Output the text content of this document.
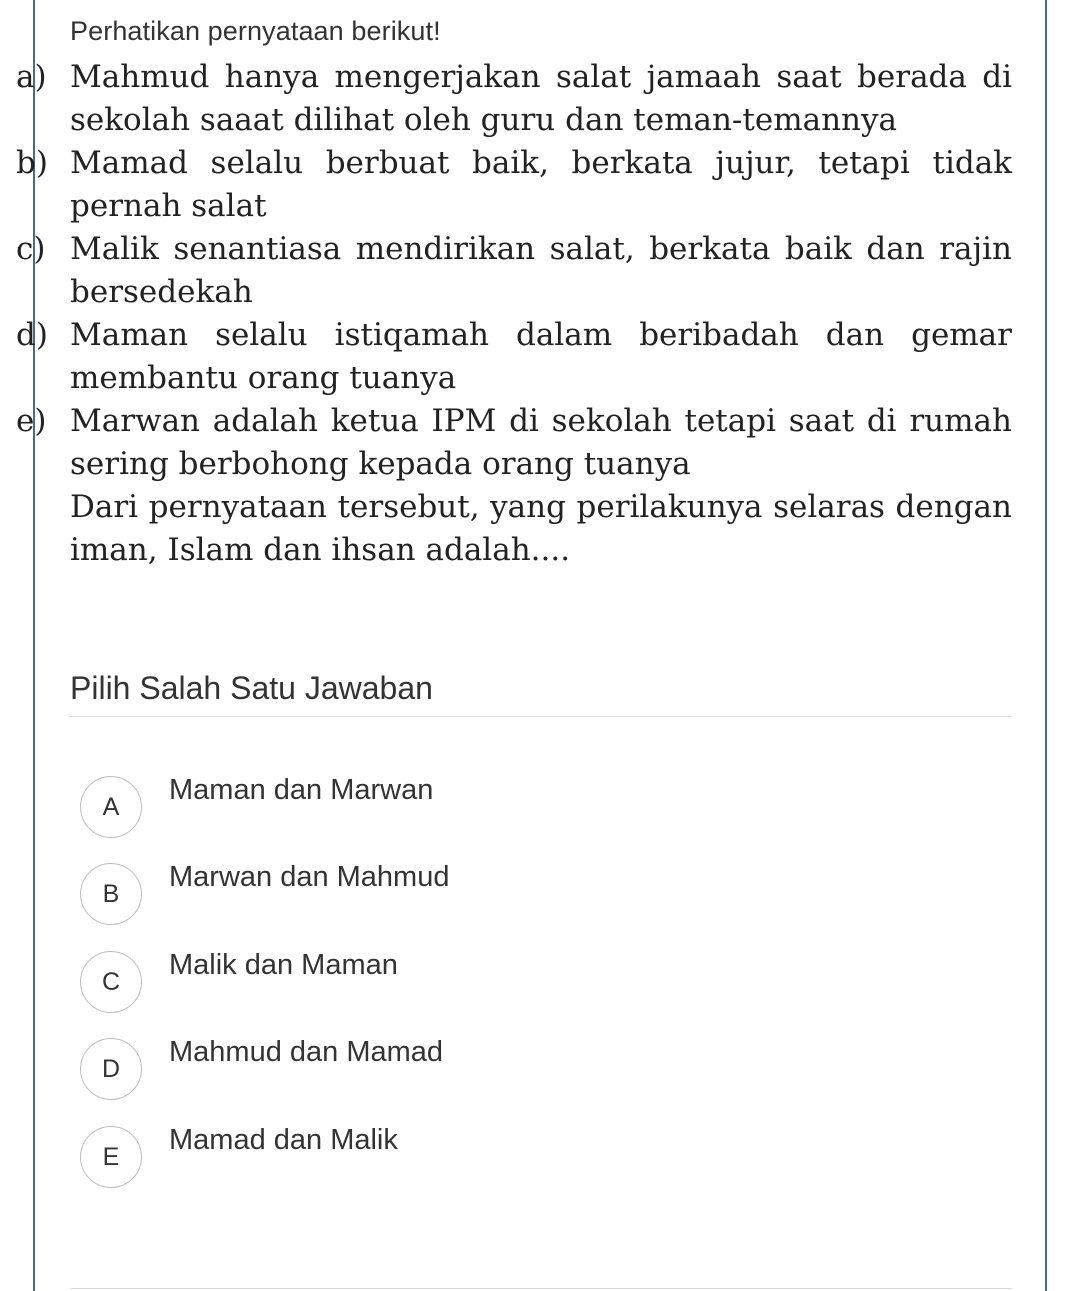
Perhatikan pernyataan berikut!
a) Mahmud hanya mengerjakan salat jamaah saat berada di sekolah saaat dilihat oleh guru dan teman-temannya
b) Mamad selalu berbuat baik, berkata jujur, tetapi tidak pernah salat
c) Malik senantiasa mendirikan salat, berkata baik dan rajin bersedekah
d) Maman selalu istiqamah dalam beribadah dan gemar membantu orang tuanya
e) Marwan adalah ketua IPM di sekolah tetapi saat di rumah sering berbohong kepada orang tuanya
Dari pernyataan tersebut, yang perilakunya selaras dengan iman, Islam dan ihsan adalah....
Pilih Salah Satu Jawaban
A
Maman dan Marwan
B
Marwan dan Mahmud
C
Malik dan Maman
D
Mahmud dan Mamad
E
Mamad dan Malik
